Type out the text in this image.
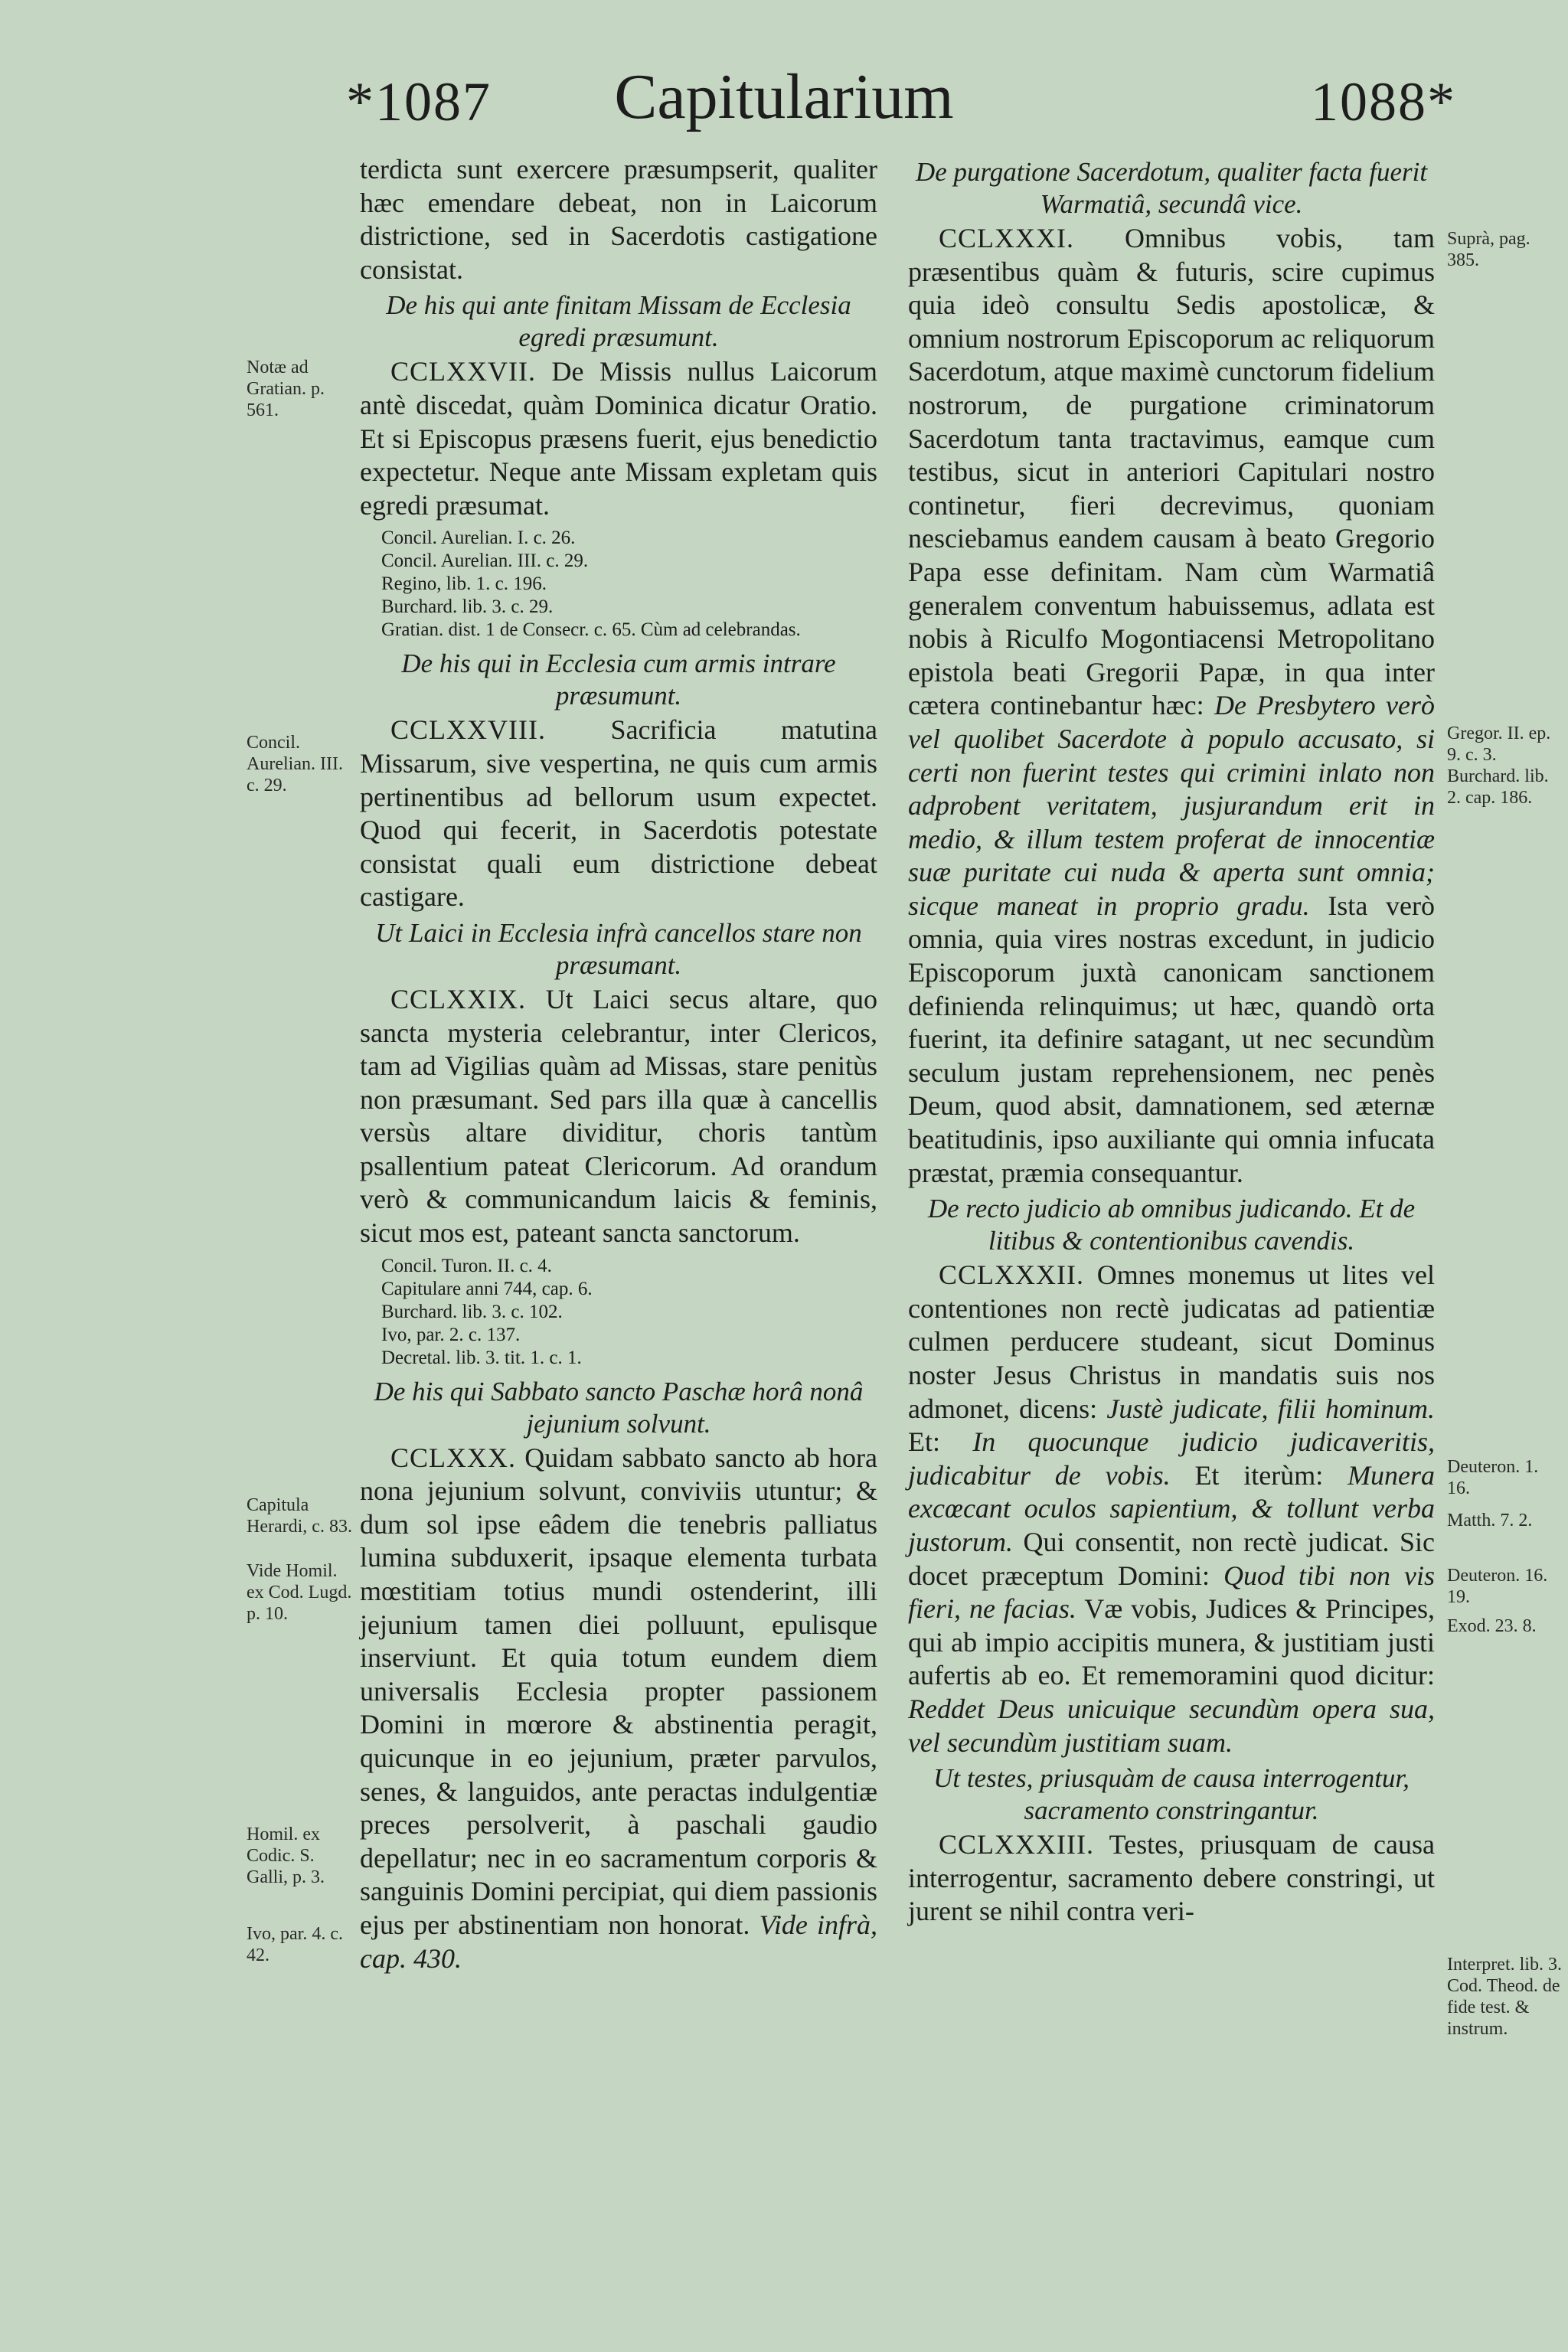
*1087	Capitularium	1088*

terdicta sunt exercere præsumpserit, qualiter hæc emendare debeat, non in Laicorum districtione, sed in Sacerdotis castigatione consistat.

De his qui ante finitam Missam de Ecclesia egredi præsumunt.

CCLXXVII. De Missis nullus Laicorum antè discedat, quàm Dominica dicatur Oratio. Et si Episcopus præsens fuerit, ejus benedictio expectetur. Neque ante Missam expletam quis egredi præsumat.

Concil. Aurelian. I. c. 26.
Concil. Aurelian. III. c. 29.
Regino, lib. 1. c. 196.
Burchard. lib. 3. c. 29.
Gratian. dist. 1 de Consecr. c. 65. Cùm ad celebrandas.
De his qui in Ecclesia cum armis intrare præsumunt.

CCLXXVIII. Sacrificia matutina Missarum, sive vespertina, ne quis cum armis pertinentibus ad bellorum usum expectet. Quod qui fecerit, in Sacerdotis potestate consistat quali eum districtione debeat castigare.

Ut Laici in Ecclesia infrà cancellos stare non præsumant.

CCLXXIX. Ut Laici secus altare, quo sancta mysteria celebrantur, inter Clericos, tam ad Vigilias quàm ad Missas, stare penitùs non præsumant. Sed pars illa quæ à cancellis versùs altare dividitur, choris tantùm psallentium pateat Clericorum. Ad orandum verò & communicandum laicis & feminis, sicut mos est, pateant sancta sanctorum.

Concil. Turon. II. c. 4.
Capitulare anni 744, cap. 6.
Burchard. lib. 3. c. 102.
Ivo, par. 2. c. 137.
Decretal. lib. 3. tit. 1. c. 1.
De his qui Sabbato sancto Paschæ horâ nonâ jejunium solvunt.

CCLXXX. Quidam sabbato sancto ab hora nona jejunium solvunt, conviviis utuntur; & dum sol ipse eâdem die tenebris palliatus lumina subduxerit, ipsaque elementa turbata mœstitiam totius mundi ostenderint, illi jejunium tamen diei polluunt, epulisque inserviunt. Et quia totum eundem diem universalis Ecclesia propter passionem Domini in mœrore & abstinentia peragit, quicunque in eo jejunium, præter parvulos, senes, & languidos, ante peractas indulgentiæ preces persolverit, à paschali gaudio depellatur; nec in eo sacramentum corporis & sanguinis Domini percipiat, qui diem passionis ejus per abstinentiam non honorat. Vide infrà, cap. 430.

De purgatione Sacerdotum, qualiter facta fuerit Warmatiâ, secundâ vice.

CCLXXXI. Omnibus vobis, tam præsentibus quàm & futuris, scire cupimus quia ideò consultu Sedis apostolicæ, & omnium nostrorum Episcoporum ac reliquorum Sacerdotum, atque maximè cunctorum fidelium nostrorum, de purgatione criminatorum Sacerdotum tanta tractavimus, eamque cum testibus, sicut in anteriori Capitulari nostro continetur, fieri decrevimus, quoniam nesciebamus eandem causam à beato Gregorio Papa esse definitam. Nam cùm Warmatiâ generalem conventum habuissemus, adlata est nobis à Riculfo Mogontiacensi Metropolitano epistola beati Gregorii Papæ, in qua inter cætera continebantur hæc: De Presbytero verò vel quolibet Sacerdote à populo accusato, si certi non fuerint testes qui crimini inlato non adprobent veritatem, jusjurandum erit in medio, & illum testem proferat de innocentiæ suæ puritate cui nuda & aperta sunt omnia; sicque maneat in proprio gradu. Ista verò omnia, quia vires nostras excedunt, in judicio Episcoporum juxtà canonicam sanctionem definienda relinquimus; ut hæc, quandò orta fuerint, ita definire satagant, ut nec secundùm seculum justam reprehensionem, nec penès Deum, quod absit, damnationem, sed æternæ beatitudinis, ipso auxiliante qui omnia infucata præstat, præmia consequantur.

De recto judicio ab omnibus judicando. Et de litibus & contentionibus cavendis.

CCLXXXII. Omnes monemus ut lites vel contentiones non rectè judicatas ad patientiæ culmen perducere studeant, sicut Dominus noster Jesus Christus in mandatis suis nos admonet, dicens: Justè judicate, filii hominum. Et: In quocunque judicio judicaveritis, judicabitur de vobis. Et iterùm: Munera excœcant oculos sapientium, & tollunt verba justorum. Qui consentit, non rectè judicat. Sic docet præceptum Domini: Quod tibi non vis fieri, ne facias. Væ vobis, Judices & Principes, qui ab impio accipitis munera, & justitiam justi aufertis ab eo. Et rememoramini quod dicitur: Reddet Deus unicuique secundùm opera sua, vel secundùm justitiam suam.

Ut testes, priusquàm de causa interrogentur, sacramento constringantur.

CCLXXXIII. Testes, priusquam de causa interrogentur, sacramento debere constringi, ut jurent se nihil contra veri-

Notæ ad Gratian. p. 561.
Concil. Aurelian. III. c. 29.
Capitula Herardi, c. 83.
Vide Homil. ex Cod. Lugd. p. 10.
Homil. ex Codic. S. Galli, p. 3.
Ivo, par. 4. c. 42.
Suprà, pag. 385.
Gregor. II. ep. 9. c. 3. Burchard. lib. 2. cap. 186.
Deuteron. 1. 16.
Matth. 7. 2.
Deuteron. 16. 19.
Exod. 23. 8.
Interpret. lib. 3. Cod. Theod. de fide test. & instrum.
